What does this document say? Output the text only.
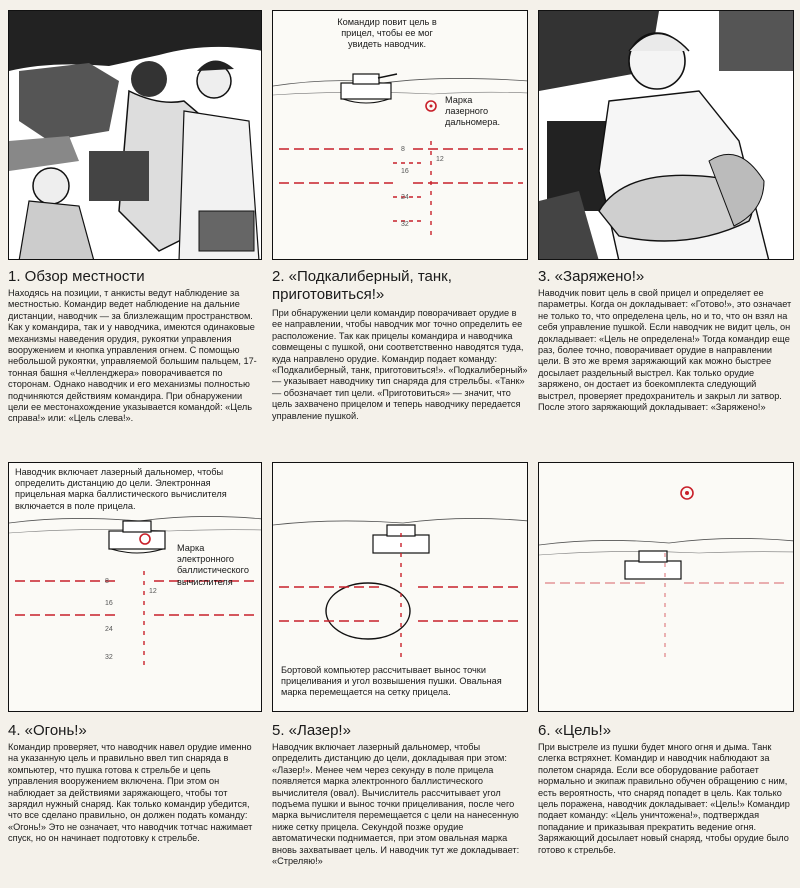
8
12
16
24
32
Командир повит цель в прицел, чтобы ее мог увидеть наводчик.
Марка лазерного дальномера.
1. Обзор местности

Находясь на позиции, т анкисты ведут наблюдение за местностью. Командир ведет наблюдение на дальние дистанции, наводчик — за близлежащим пространством. Как у командира, так и у наводчика, имеются одинаковые механизмы наведения орудия, рукоятки управления вооружением и кнопка управления огнем. С помощью небольшой рукоятки, управляемой большим пальцем, 17-тонная башня «Челленджера» поворачивается по сторонам. Однако наводчик и его механизмы полностью подчиняются действиям командира. При обнаружении цели ее местонахождение указывается командой: «Цель справа!» или: «Цель слева!».

2. «Подкалиберный, танк, приготовиться!»

При обнаружении цели командир поворачивает орудие в ее направлении, чтобы наводчик мог точно определить ее расположение. Так как прицелы командира и наводчика совмещены с пушкой, они соответственно наводятся туда, куда направлено орудие. Командир подает команду: «Подкалиберный, танк, приготовиться!». «Подкалиберный» — указывает наводчику тип снаряда для стрельбы. «Танк» — обозначает тип цели. «Приготовиться» — значит, что цель захвачено прицелом и теперь наводчику передается управление пушкой.

3. «Заряжено!»

Наводчик повит цель в свой прицел и определяет ее параметры. Когда он докладывает: «Готово!», это означает не только то, что определена цель, но и то, что он взял на себя управление пушкой. Если наводчик не видит цель, он докладывает: «Цель не определена!» Тогда командир еще раз, более точно, поворачивает орудие в направлении цели. В это же время заряжающий как можно быстрее досылает раздельный выстрел. Как только орудие заряжено, он достает из боекомплекта следующий выстрел, проверяет предохранитель и закрыл ли затвор. После этого заряжающий докладывает: «Заряжено!»

8
12
16
24
32
Наводчик включает лазерный дальномер, чтобы определить дистанцию до цели. Электронная прицельная марка баллистического вычислителя включается в поле прицела.
Марка электронного баллистического вычислителя
Бортовой компьютер рассчитывает вынос точки прицеливания и угол возвышения пушки. Овальная марка перемещается на сетку прицела.
4. «Огонь!»

Командир проверяет, что наводчик навел орудие именно на указанную цель и правильно ввел тип снаряда в компьютер, что пушка готова к стрельбе и цепь управления вооружением включена. При этом он наблюдает за действиями заряжающего, чтобы тот зарядил нужный снаряд. Как только командир убедится, что все сделано правильно, он должен подать команду: «Огонь!» Это не означает, что наводчик тотчас нажимает спуск, но он начинает подготовку к стрельбе.

5. «Лазер!»

Наводчик включает лазерный дальномер, чтобы определить дистанцию до цели, докладывая при этом: «Лазер!». Менее чем через секунду в поле прицела появляется марка электронного баллистического вычислителя (овал). Вычислитель рассчитывает угол подъема пушки и вынос точки прицеливания, после чего марка вычислителя перемещается с цели на нанесенную ниже сетку прицела. Секундой позже орудие автоматически поднимается, при этом овальная марка вновь захватывает цель. И наводчик тут же докладывает: «Стреляю!»

6. «Цель!»

При выстреле из пушки будет много огня и дыма. Танк слегка встряхнет. Командир и наводчик наблюдают за полетом снаряда. Если все оборудование работает нормально и экипаж правильно обучен обращению с ним, есть вероятность, что снаряд попадет в цель. Как только цель поражена, наводчик докладывает: «Цель!» Командир подает команду: «Цель уничтожена!», подтверждая попадание и приказывая прекратить ведение огня. Заряжающий досылает новый снаряд, чтобы орудие было готово к стрельбе.
